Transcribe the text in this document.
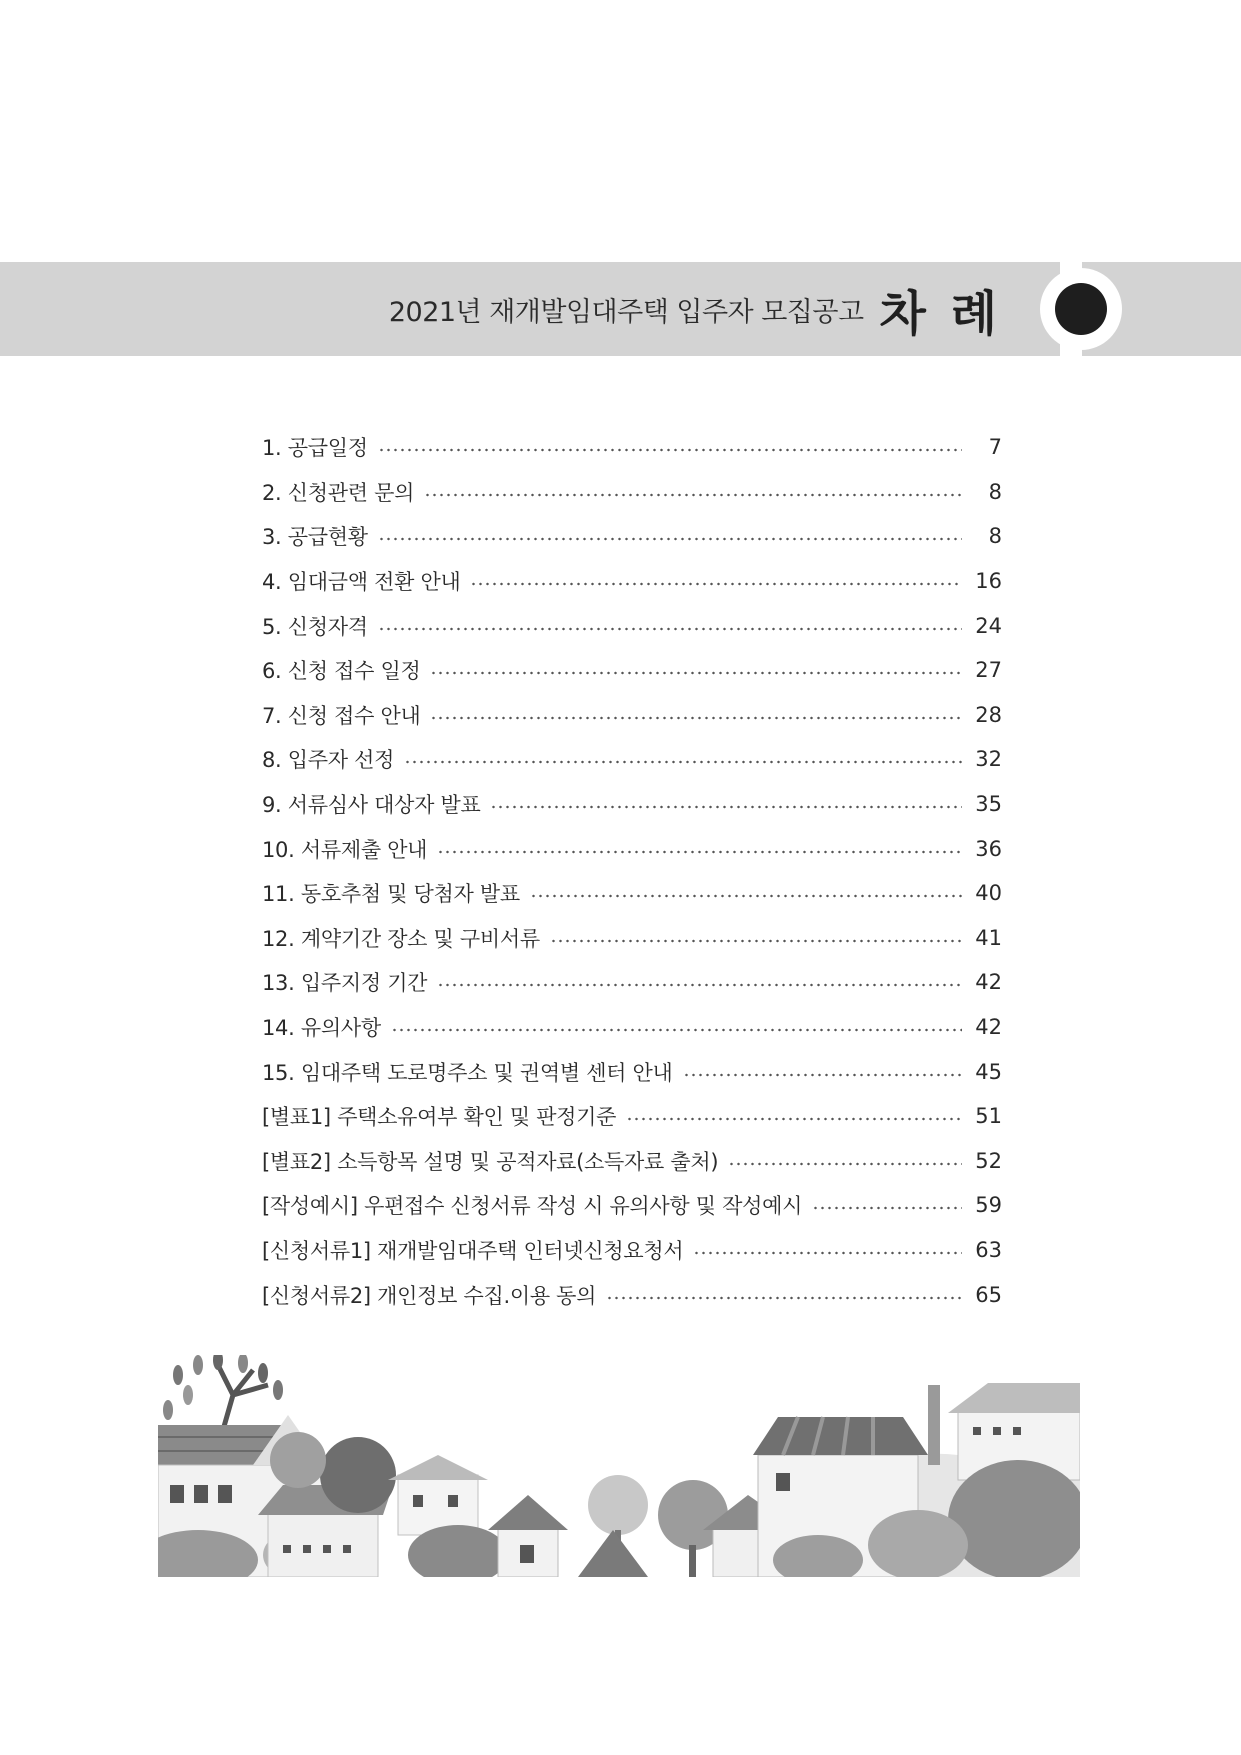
2021년 재개발임대주택 입주자 모집공고 차 례
1. 공급일정	7
2. 신청관련 문의	8
3. 공급현황	8
4. 임대금액 전환 안내	16
5. 신청자격	24
6. 신청 접수 일정	27
7. 신청 접수 안내	28
8. 입주자 선정	32
9. 서류심사 대상자 발표	35
10. 서류제출 안내	36
11. 동호추첨 및 당첨자 발표	40
12. 계약기간 장소 및 구비서류	41
13. 입주지정 기간	42
14. 유의사항	42
15. 임대주택 도로명주소 및 권역별 센터 안내	45
[별표1] 주택소유여부 확인 및 판정기준	51
[별표2] 소득항목 설명 및 공적자료(소득자료 출처)	52
[작성예시] 우편접수 신청서류 작성 시 유의사항 및 작성예시	59
[신청서류1] 재개발임대주택 인터넷신청요청서	63
[신청서류2] 개인정보 수집.이용 동의	65
